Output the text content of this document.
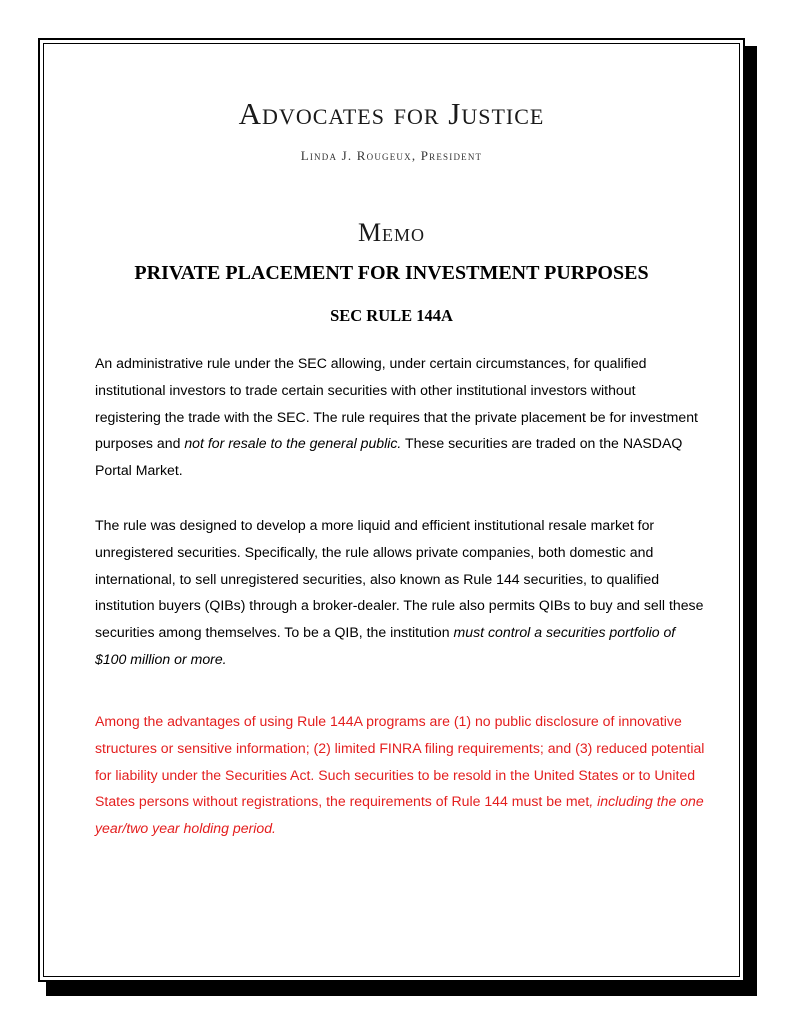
Advocates for Justice
Linda J. Rougeux, President
Memo
PRIVATE PLACEMENT FOR INVESTMENT PURPOSES
SEC RULE 144A

An administrative rule under the SEC allowing, under certain circumstances, for qualified institutional investors to trade certain securities with other institutional investors without registering the trade with the SEC. The rule requires that the private placement be for investment purposes and not for resale to the general public. These securities are traded on the NASDAQ Portal Market.

The rule was designed to develop a more liquid and efficient institutional resale market for unregistered securities. Specifically, the rule allows private companies, both domestic and international, to sell unregistered securities, also known as Rule 144 securities, to qualified institution buyers (QIBs) through a broker-dealer. The rule also permits QIBs to buy and sell these securities among themselves. To be a QIB, the institution must control a securities portfolio of $100 million or more.

Among the advantages of using Rule 144A programs are (1) no public disclosure of innovative structures or sensitive information; (2) limited FINRA filing requirements; and (3) reduced potential for liability under the Securities Act. Such securities to be resold in the United States or to United States persons without registrations, the requirements of Rule 144 must be met, including the one year/two year holding period.
